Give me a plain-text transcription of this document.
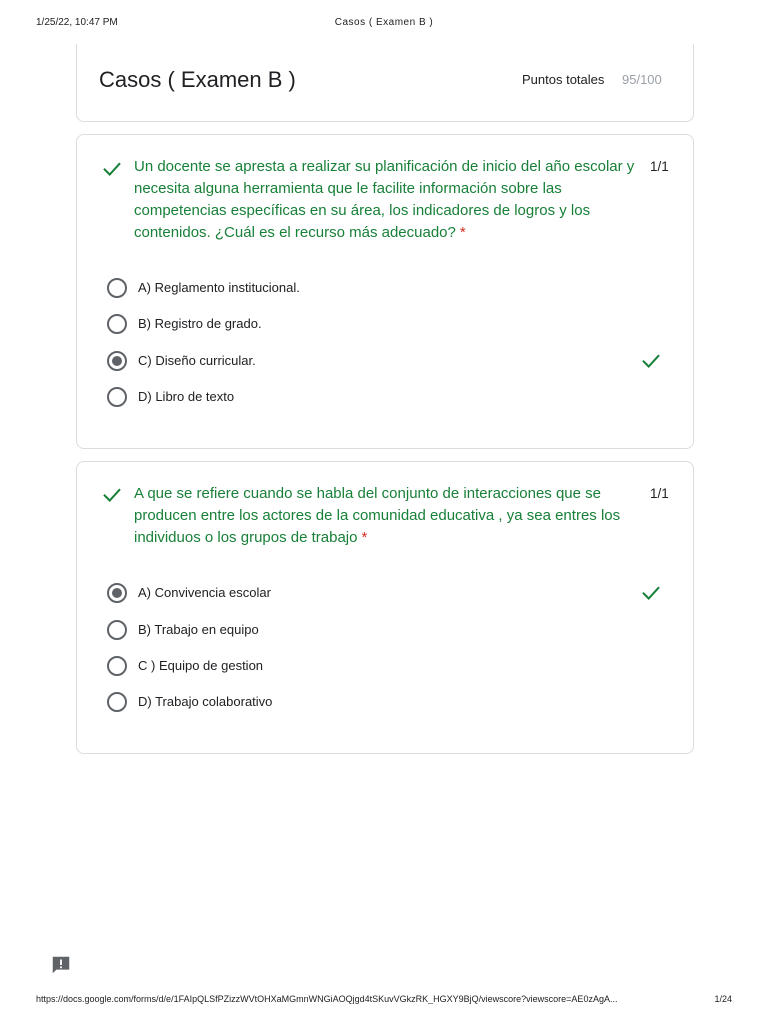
1/25/22, 10:47 PM	Casos ( Examen B )
Casos ( Examen B )	Puntos totales 95/100
Un docente se apresta a realizar su planificación de inicio del año escolar y necesita alguna herramienta que le facilite información sobre las competencias específicas en su área, los indicadores de logros y los contenidos. ¿Cuál es el recurso más adecuado? *
1/1
A) Reglamento institucional.
B) Registro de grado.
C) Diseño curricular.
D) Libro de texto
A que se refiere cuando se habla del conjunto de interacciones que se producen entre los actores de la comunidad educativa , ya sea entres los individuos o los grupos de trabajo *
1/1
A) Convivencia escolar
B) Trabajo en equipo
C ) Equipo de gestion
D) Trabajo colaborativo
https://docs.google.com/forms/d/e/1FAIpQLSfPZizzWVtOHXaMGmnWNGiAOQjgd4tSKuvVGkzRK_HGXY9BjQ/viewscore?viewscore=AE0zAgA...	1/24
